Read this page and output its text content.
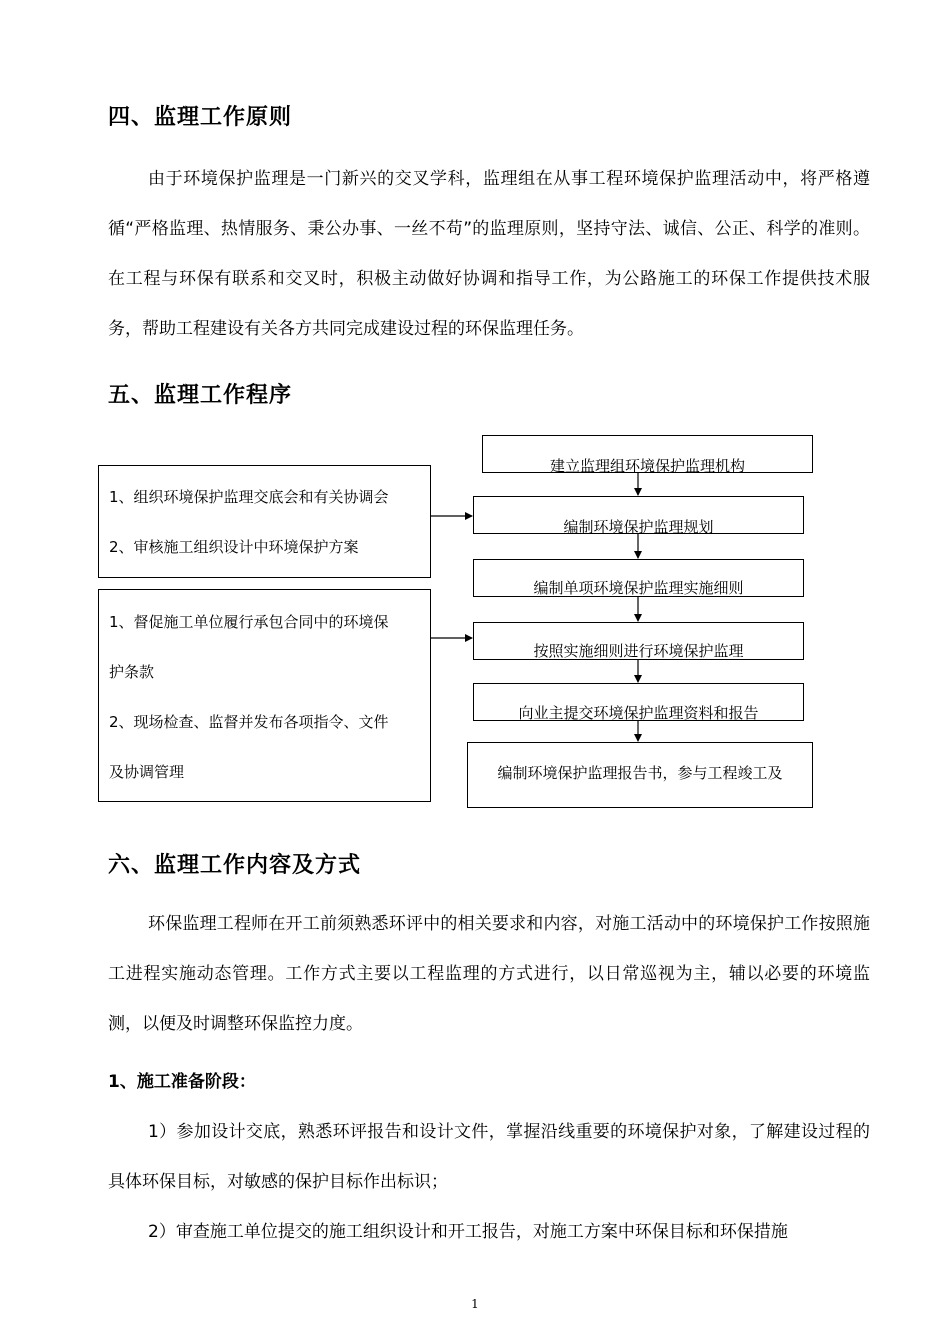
四、监理工作原则

由于环境保护监理是一门新兴的交叉学科，监理组在从事工程环境保护监理活动中，将严格遵循“严格监理、热情服务、秉公办事、一丝不苟”的监理原则，坚持守法、诚信、公正、科学的准则。在工程与环保有联系和交叉时，积极主动做好协调和指导工作，为公路施工的环保工作提供技术服务，帮助工程建设有关各方共同完成建设过程的环保监理任务。

五、监理工作程序
建立监理组环境保护监理机构
编制环境保护监理规划
编制单项环境保护监理实施细则
按照实施细则进行环境保护监理
向业主提交环境保护监理资料和报告
编制环境保护监理报告书，参与工程竣工及
1、组织环境保护监理交底会和有关协调会
2、审核施工组织设计中环境保护方案
1、督促施工单位履行承包合同中的环境保
护条款
2、现场检查、监督并发布各项指令、文件
及协调管理
六、监理工作内容及方式

环保监理工程师在开工前须熟悉环评中的相关要求和内容，对施工活动中的环境保护工作按照施工进程实施动态管理。工作方式主要以工程监理的方式进行，以日常巡视为主，辅以必要的环境监测，以便及时调整环保监控力度。

1、施工准备阶段：

1）参加设计交底，熟悉环评报告和设计文件，掌握沿线重要的环境保护对象，了解建设过程的具体环保目标，对敏感的保护目标作出标识；

2）审查施工单位提交的施工组织设计和开工报告，对施工方案中环保目标和环保措施

1
